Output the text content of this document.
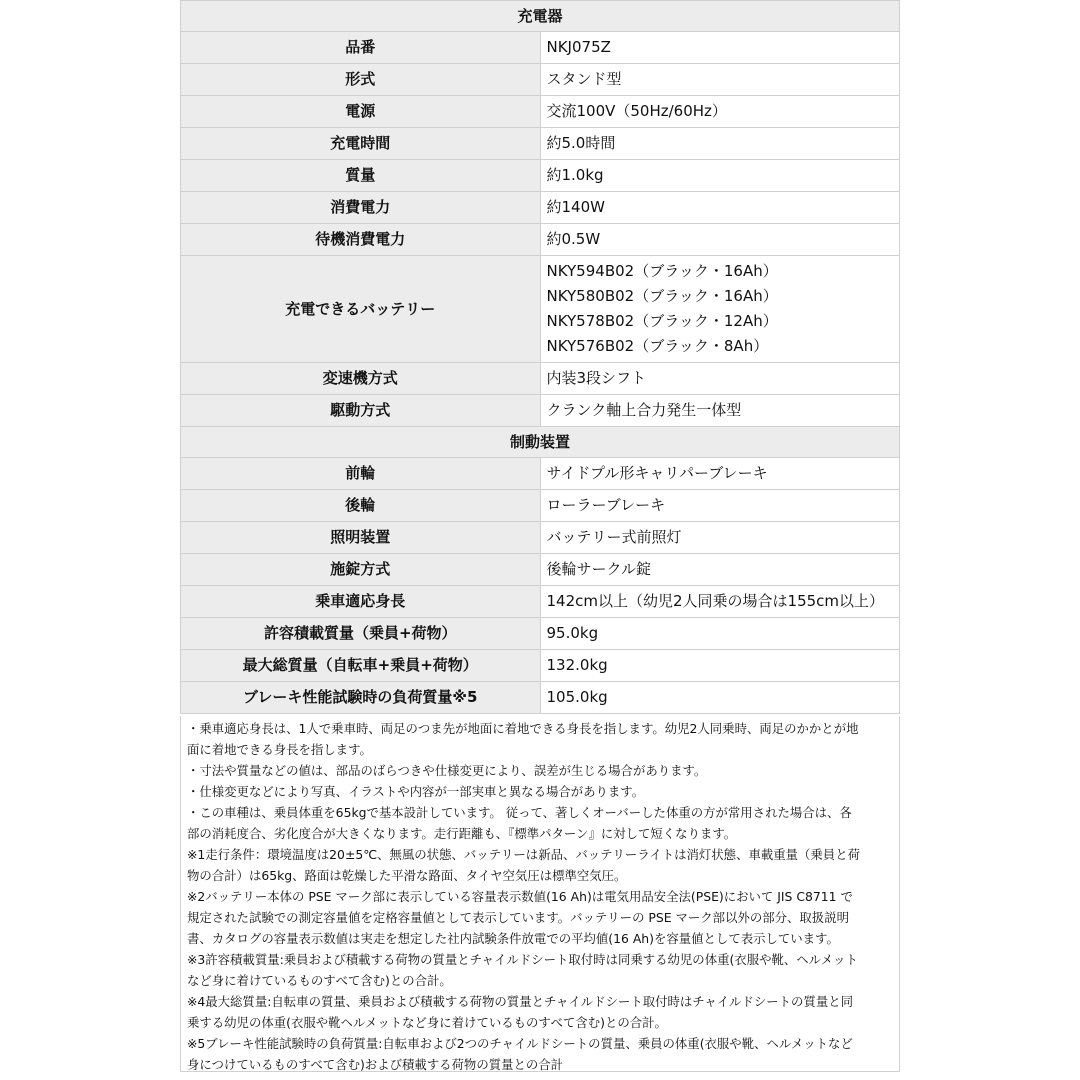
充電器	
品番	NKJ075Z

形式	スタンド型

電源	交流100V（50Hz/60Hz）

充電時間	約5.0時間

質量	約1.0kg

消費電力	約140W

待機消費電力	約0.5W

充電できるバッテリー	NKY594B02（ブラック・16Ah）
NKY580B02（ブラック・16Ah）
NKY578B02（ブラック・12Ah）
NKY576B02（ブラック・8Ah）

変速機方式	内装3段シフト

駆動方式	クランク軸上合力発生一体型

制動装置	
前輪	サイドプル形キャリパーブレーキ

後輪	ローラーブレーキ

照明装置	バッテリー式前照灯

施錠方式	後輪サークル錠

乗車適応身長	142cm以上（幼児2人同乗の場合は155cm以上）

許容積載質量（乗員+荷物）	95.0kg

最大総質量（自転車+乗員+荷物）	132.0kg

ブレーキ性能試験時の負荷質量※5	105.0kg

・乗車適応身長は、1人で乗車時、両足のつま先が地面に着地できる身長を指します。幼児2人同乗時、両足のかかとが地

面に着地できる身長を指します。

・寸法や質量などの値は、部品のばらつきや仕様変更により、誤差が生じる場合があります。

・仕様変更などにより写真、イラストや内容が一部実車と異なる場合があります。

・この車種は、乗員体重を65kgで基本設計しています。 従って、著しくオーバーした体重の方が常用された場合は、各

部の消耗度合、劣化度合が大きくなります。走行距離も、『標準パターン』に対して短くなります。

※1走行条件：環境温度は20±5℃、無風の状態、バッテリーは新品、バッテリーライトは消灯状態、車載重量（乗員と荷

物の合計）は65kg、路面は乾燥した平滑な路面、タイヤ空気圧は標準空気圧。

※2バッテリー本体の PSE マーク部に表示している容量表示数値(16 Ah)は電気用品安全法(PSE)において JIS C8711 で

規定された試験での測定容量値を定格容量値として表示しています。バッテリーの PSE マーク部以外の部分、取扱説明

書、カタログの容量表示数値は実走を想定した社内試験条件放電での平均値(16 Ah)を容量値として表示しています。

※3許容積載質量:乗員および積載する荷物の質量とチャイルドシート取付時は同乗する幼児の体重(衣服や靴、ヘルメット

など身に着けているものすべて含む)との合計。

※4最大総質量:自転車の質量、乗員および積載する荷物の質量とチャイルドシート取付時はチャイルドシートの質量と同

乗する幼児の体重(衣服や靴ヘルメットなど身に着けているものすべて含む)との合計。

※5ブレーキ性能試験時の負荷質量:自転車および2つのチャイルドシートの質量、乗員の体重(衣服や靴、ヘルメットなど

身につけているものすべて含む)および積載する荷物の質量との合計
